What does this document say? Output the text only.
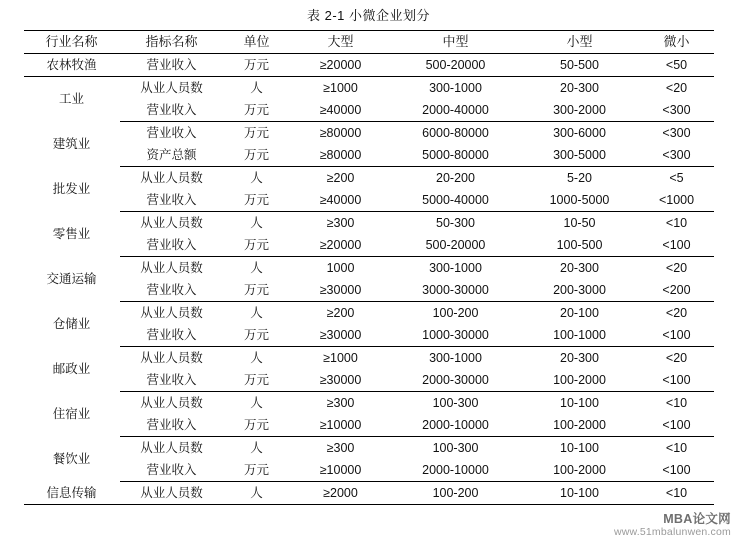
表 2-1 小微企业划分
行业名称	指标名称	单位	大型	中型	小型	微小
农林牧渔	营业收入	万元	≥20000	500-20000	50-500	<50
工业	从业人员数	人	≥1000	300-1000	20-300	<20
	营业收入	万元	≥40000	2000-40000	300-2000	<300
建筑业	营业收入	万元	≥80000	6000-80000	300-6000	<300
	资产总额	万元	≥80000	5000-80000	300-5000	<300
批发业	从业人员数	人	≥200	20-200	5-20	<5
	营业收入	万元	≥40000	5000-40000	1000-5000	<1000
零售业	从业人员数	人	≥300	50-300	10-50	<10
	营业收入	万元	≥20000	500-20000	100-500	<100
交通运输	从业人员数	人	1000	300-1000	20-300	<20
	营业收入	万元	≥30000	3000-30000	200-3000	<200
仓储业	从业人员数	人	≥200	100-200	20-100	<20
	营业收入	万元	≥30000	1000-30000	100-1000	<100
邮政业	从业人员数	人	≥1000	300-1000	20-300	<20
	营业收入	万元	≥30000	2000-30000	100-2000	<100
住宿业	从业人员数	人	≥300	100-300	10-100	<10
	营业收入	万元	≥10000	2000-10000	100-2000	<100
餐饮业	从业人员数	人	≥300	100-300	10-100	<10
	营业收入	万元	≥10000	2000-10000	100-2000	<100
信息传输	从业人员数	人	≥2000	100-200	10-100	<10
MBA论文网
www.51mbalunwen.com
